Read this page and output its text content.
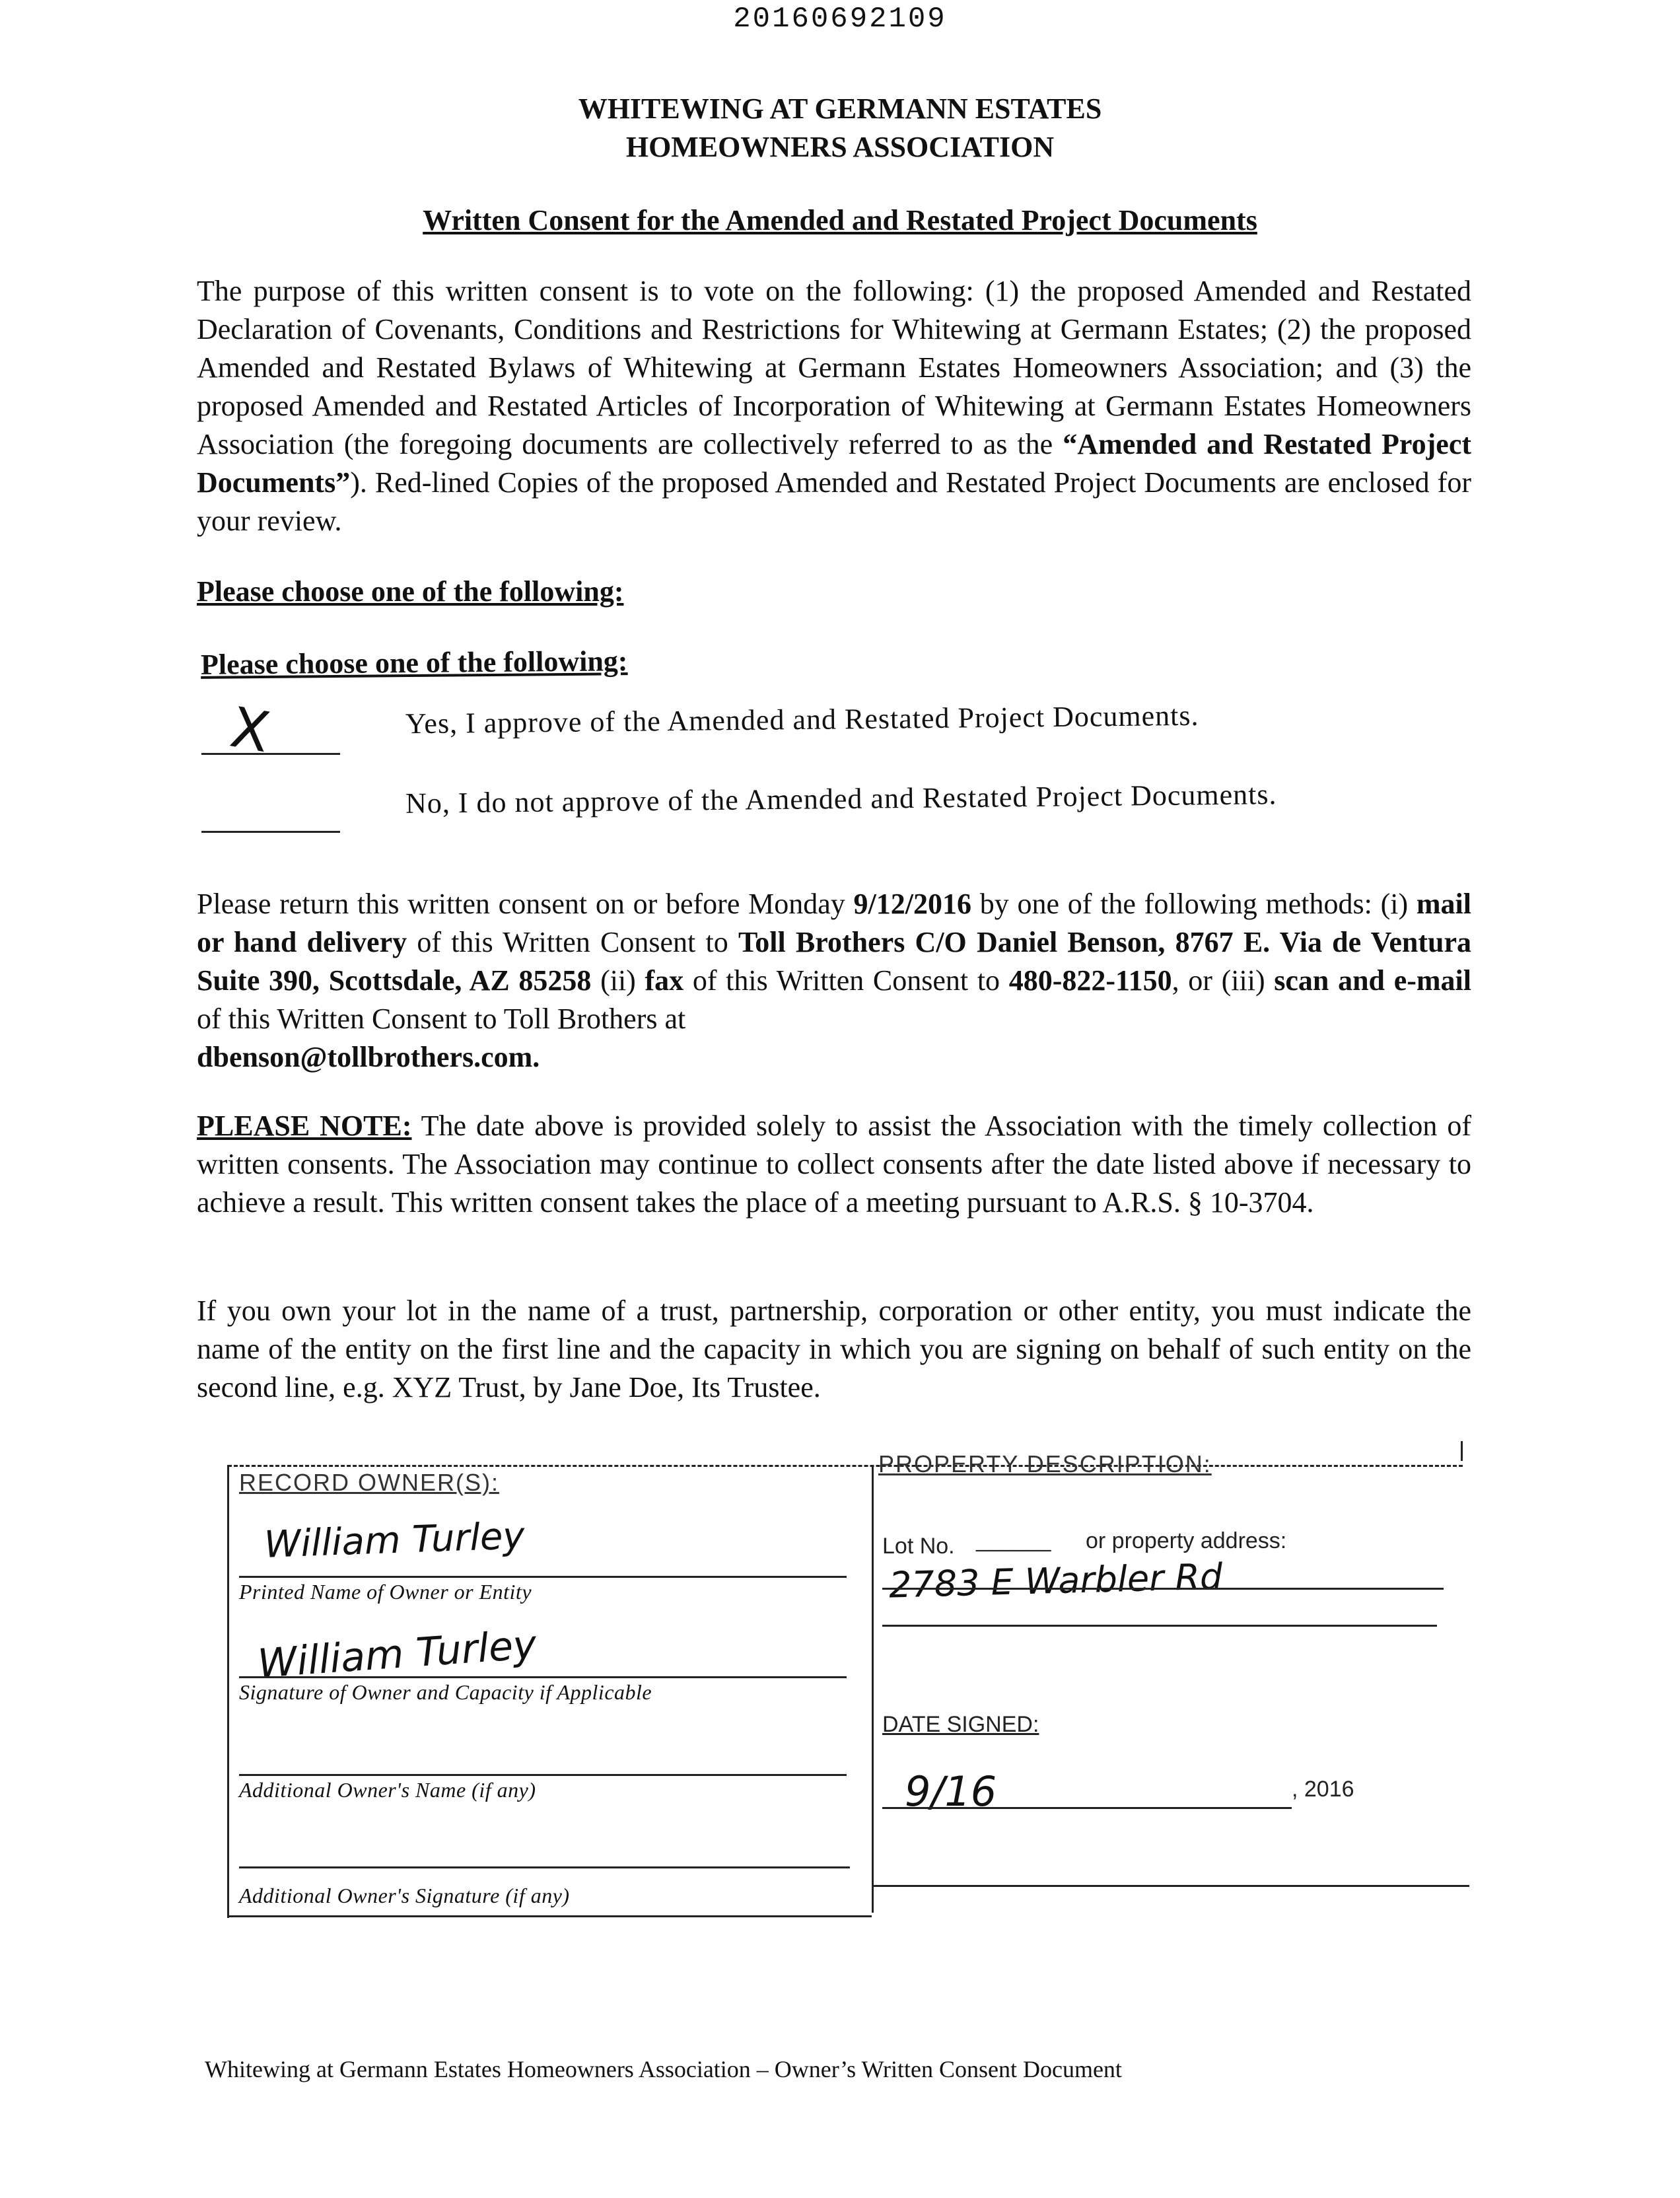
20160692109
WHITEWING AT GERMANN ESTATES
HOMEOWNERS ASSOCIATION
Written Consent for the Amended and Restated Project Documents
The purpose of this written consent is to vote on the following: (1) the proposed Amended and Restated Declaration of Covenants, Conditions and Restrictions for Whitewing at Germann Estates; (2) the proposed Amended and Restated Bylaws of Whitewing at Germann Estates Homeowners Association; and (3) the proposed Amended and Restated Articles of Incorporation of Whitewing at Germann Estates Homeowners Association (the foregoing documents are collectively referred to as the “Amended and Restated Project Documents”). Red-lined Copies of the proposed Amended and Restated Project Documents are enclosed for your review.
Please choose one of the following:
Please choose one of the following:
X	Yes, I approve of the Amended and Restated Project Documents.
No, I do not approve of the Amended and Restated Project Documents.
Please return this written consent on or before Monday 9/12/2016 by one of the following methods: (i) mail or hand delivery of this Written Consent to Toll Brothers C/O Daniel Benson, 8767 E. Via de Ventura Suite 390, Scottsdale, AZ 85258 (ii) fax of this Written Consent to 480-822-1150, or (iii) scan and e-mail of this Written Consent to Toll Brothers at
dbenson@tollbrothers.com.
PLEASE NOTE: The date above is provided solely to assist the Association with the timely collection of written consents. The Association may continue to collect consents after the date listed above if necessary to achieve a result. This written consent takes the place of a meeting pursuant to A.R.S. § 10-3704.
If you own your lot in the name of a trust, partnership, corporation or other entity, you must indicate the name of the entity on the first line and the capacity in which you are signing on behalf of such entity on the second line, e.g. XYZ Trust, by Jane Doe, Its Trustee.
RECORD OWNER(S):
William Turley
Printed Name of Owner or Entity
William Turley
Signature of Owner and Capacity if Applicable
Additional Owner's Name (if any)
Additional Owner's Signature (if any)
PROPERTY DESCRIPTION:
Lot No. ______ or property address:
2783 E Warbler Rd
DATE SIGNED:
9/16	, 2016
Whitewing at Germann Estates Homeowners Association – Owner’s Written Consent Document
